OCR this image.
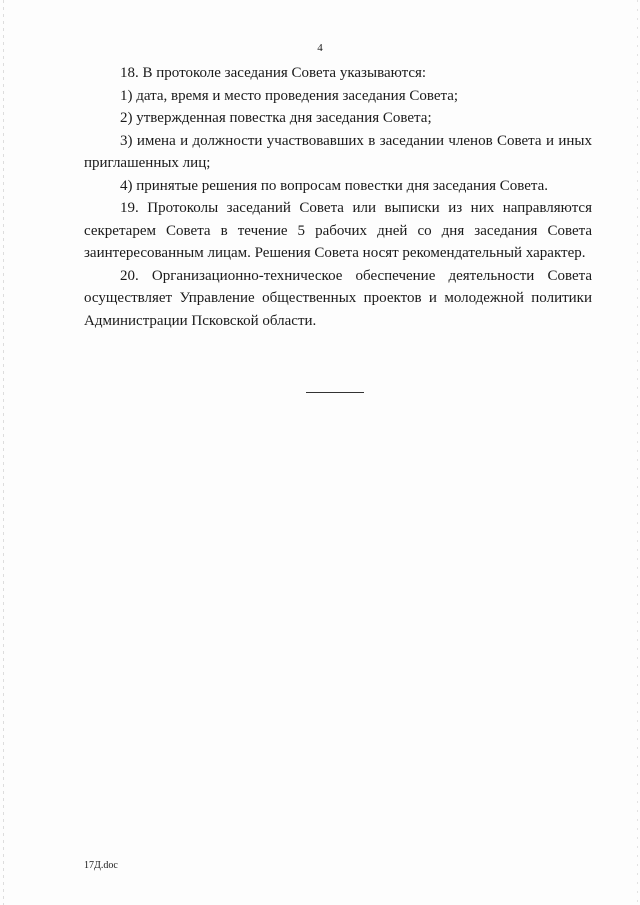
4

18. В протоколе заседания Совета указываются:

1) дата, время и место проведения заседания Совета;

2) утвержденная повестка дня заседания Совета;

3) имена и должности участвовавших в заседании членов Совета и иных приглашенных лиц;

4) принятые решения по вопросам повестки дня заседания Совета.

19. Протоколы заседаний Совета или выписки из них направляются секретарем Совета в течение 5 рабочих дней со дня заседания Совета заинтересованным лицам. Решения Совета носят рекомендательный характер.

20. Организационно-техническое обеспечение деятельности Совета осуществляет Управление общественных проектов и молодежной политики Администрации Псковской области.

17Д.doc
